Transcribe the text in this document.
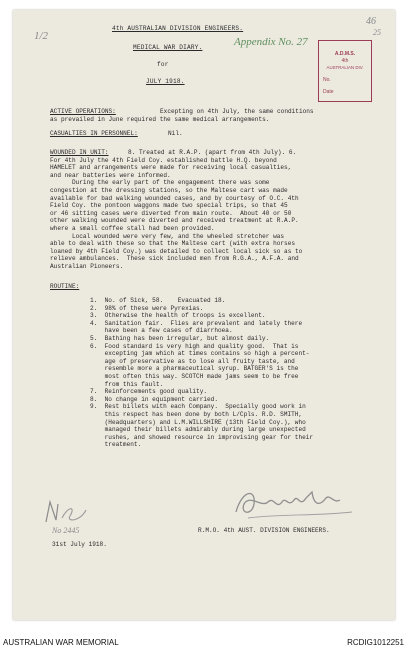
1/2
46
25
Appendix No. 27
A.D.M.S.
4th
AUSTRALIAN DIV.
No.
Date
4th AUSTRALIAN DIVISION ENGINEERS.
MEDICAL WAR DIARY.
for
JULY 1918.
ACTIVE OPERATIONS:	Excepting on 4th July, the same conditions
as prevailed in June required the same medical arrangements.
CASUALTIES IN PERSONNEL:	Nil.
WOUNDED IN UNIT:	8. Treated at R.A.P. (apart from 4th July). 6.
For 4th July the 4th Field Coy. established battle H.Q. beyond
HAMELET and arrangements were made for receiving local casualties,
and near batteries were informed.
During the early part of the engagement there was some
congestion at the dressing stations, so the Maltese cart was made
available for bad walking wounded cases, and by courtesy of O.C. 4th
Field Coy. the pontoon waggons made two special trips, so that 45
or 46 sitting cases were diverted from main route.  About 40 or 50
other walking wounded were diverted and received treatment at R.A.P.
where a small coffee stall had been provided.
Local wounded were very few, and the wheeled stretcher was
able to deal with these so that the Maltese cart (with extra horses
loaned by 4th Field Coy.) was detailed to collect local sick so as to
relieve ambulances.  These sick included men from R.G.A., A.F.A. and
Australian Pioneers.
ROUTINE:
1.  No. of Sick, 58.    Evacuated 18.
2.  98% of these were Pyrexias.
3.  Otherwise the health of troops is excellent.
4.  Sanitation fair.  Flies are prevalent and lately there
have been a few cases of diarrhoea.
5.  Bathing has been irregular, but almost daily.
6.  Food standard is very high and quality good.  That is
excepting jam which at times contains so high a percent-
age of preservative as to lose all fruity taste, and
resemble more a pharmaceutical syrup. BATGER'S is the
most often this way. SCOTCH made jams seem to be free
from this fault.
7.  Reinforcements good quality.
8.  No change in equipment carried.
9.  Rest billets with each Company.  Specially good work in
this respect has been done by both L/Cpls. R.D. SMITH,
(Headquarters) and L.M.WILLSHIRE (13th Field Coy.), who
managed their billets admirably during large unexpected
rushes, and showed resource in improvising gear for their
treatment.
R.M.O. 4th AUST. DIVISION ENGINEERS.
No 2445
31st July 1918.
AUSTRALIAN WAR MEMORIAL	RCDIG1012251
